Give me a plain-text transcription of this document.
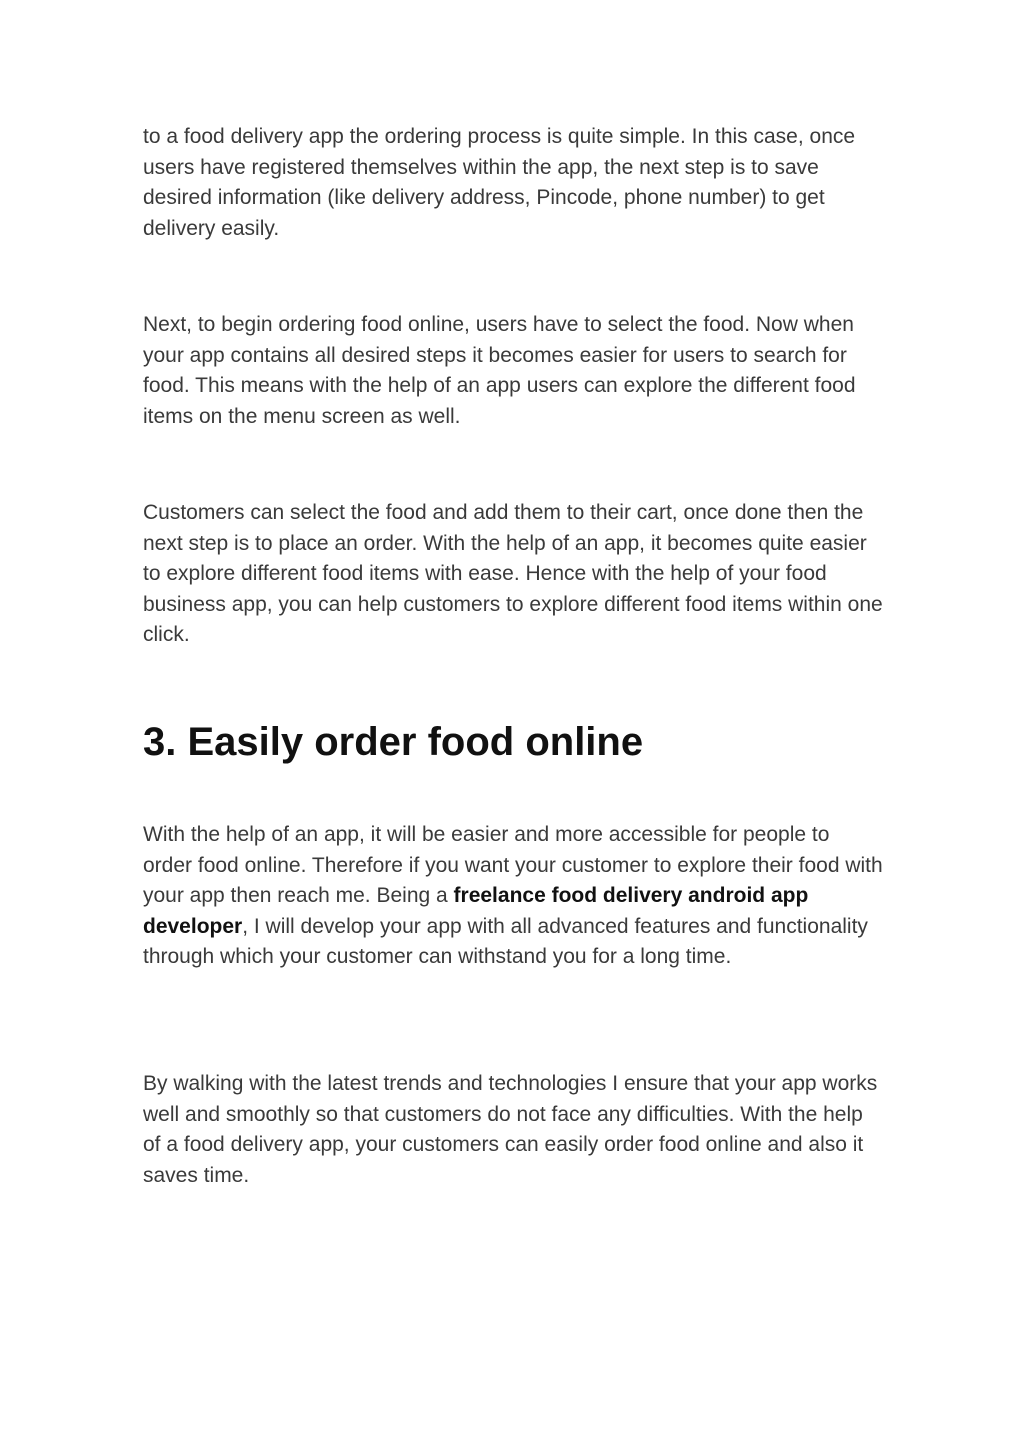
to a food delivery app the ordering process is quite simple. In this case, once users have registered themselves within the app, the next step is to save desired information (like delivery address, Pincode, phone number) to get delivery easily.

Next, to begin ordering food online, users have to select the food. Now when your app contains all desired steps it becomes easier for users to search for food. This means with the help of an app users can explore the different food items on the menu screen as well.

Customers can select the food and add them to their cart, once done then the next step is to place an order. With the help of an app, it becomes quite easier to explore different food items with ease. Hence with the help of your food business app, you can help customers to explore different food items within one click.

3. Easily order food online

With the help of an app, it will be easier and more accessible for people to order food online. Therefore if you want your customer to explore their food with your app then reach me. Being a freelance food delivery android app developer, I will develop your app with all advanced features and functionality through which your customer can withstand you for a long time.

By walking with the latest trends and technologies I ensure that your app works well and smoothly so that customers do not face any difficulties. With the help of a food delivery app, your customers can easily order food online and also it saves time.
